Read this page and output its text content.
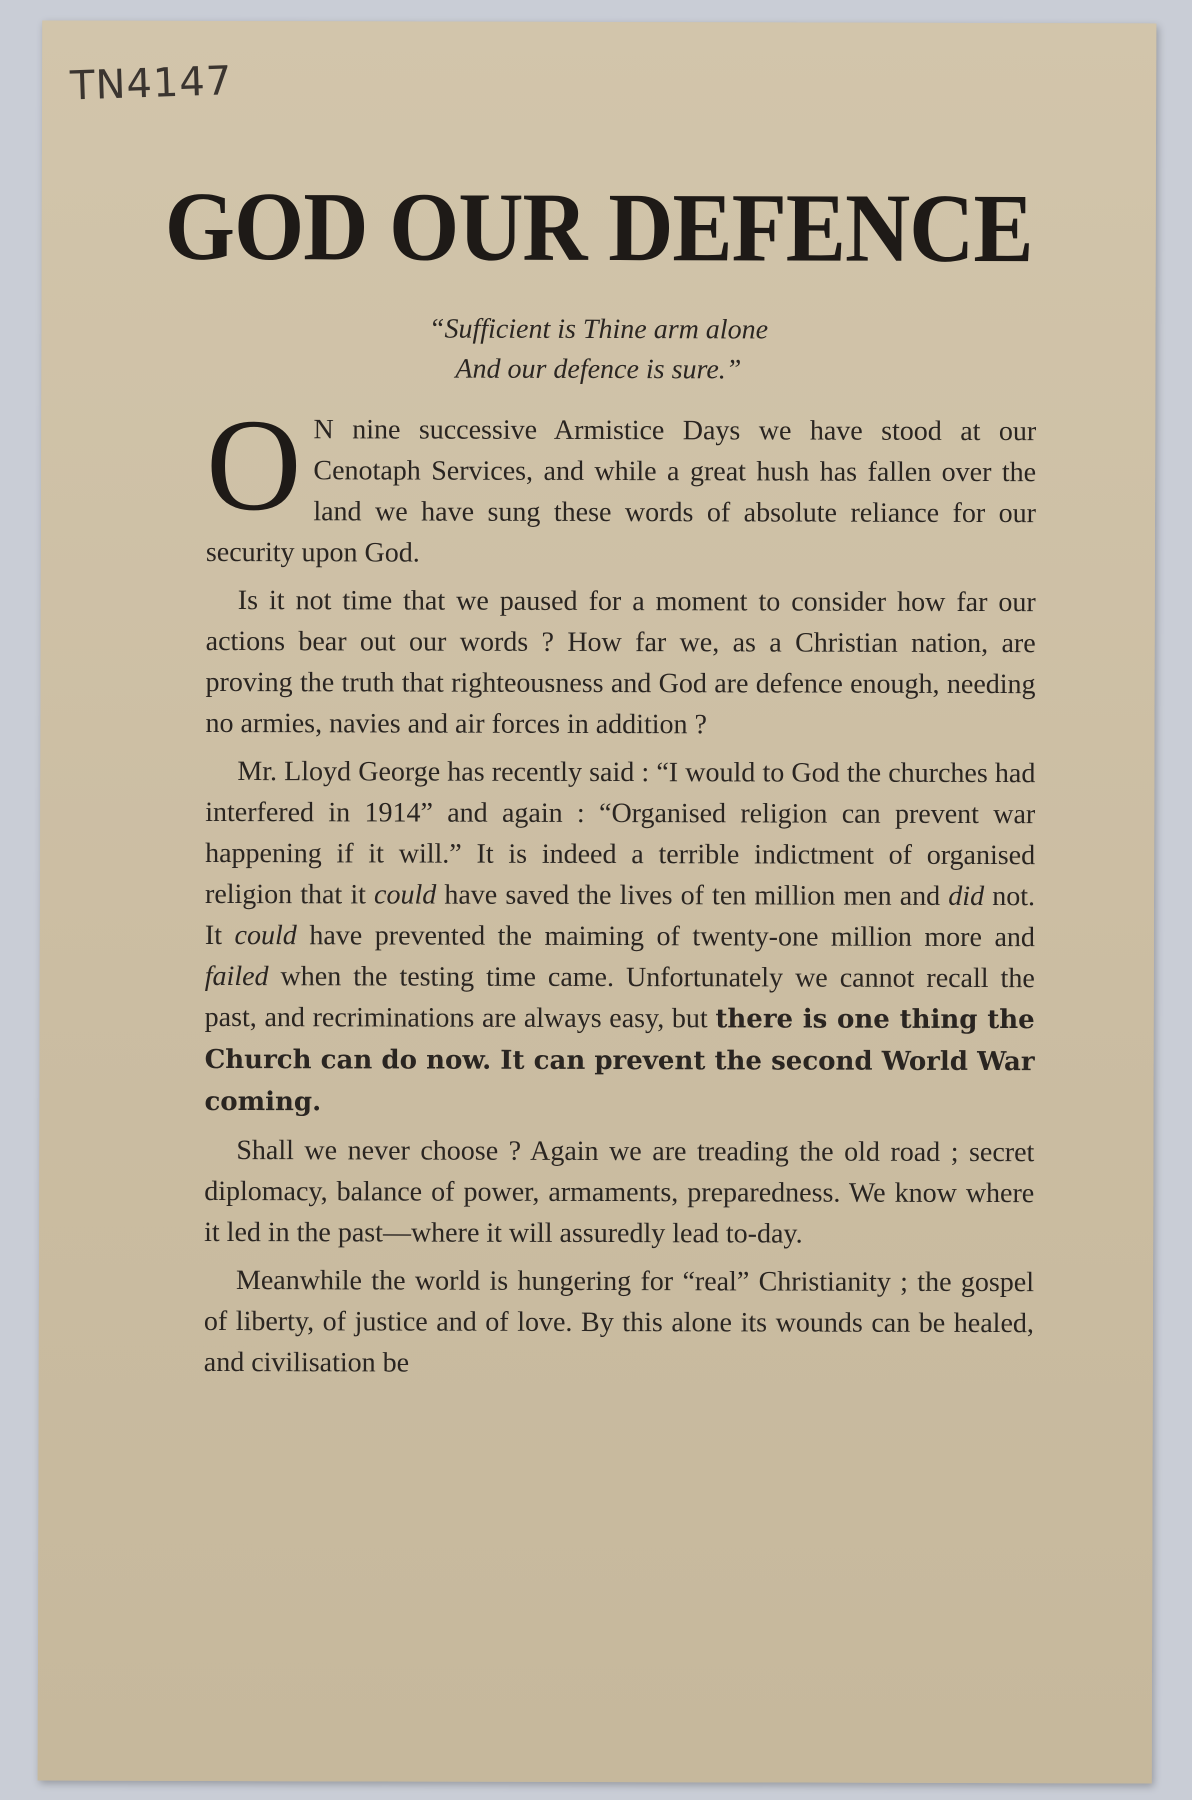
TN4147
GOD OUR DEFENCE
“Sufficient is Thine arm alone
And our defence is sure.”

O N nine successive Armistice Days we have stood at our Cenotaph Services, and while a great hush has fallen over the land we have sung these words of absolute reliance for our security upon God.

Is it not time that we paused for a moment to consider how far our actions bear out our words ? How far we, as a Christian nation, are proving the truth that righteousness and God are defence enough, needing no armies, navies and air forces in addition ?

Mr. Lloyd George has recently said : “I would to God the churches had interfered in 1914” and again : “Organised religion can prevent war happening if it will.” It is indeed a terrible indictment of organised religion that it could have saved the lives of ten million men and did not. It could have prevented the maiming of twenty-one million more and failed when the testing time came. Unfortunately we cannot recall the past, and recriminations are always easy, but there is one thing the Church can do now. It can prevent the second World War coming.

Shall we never choose ? Again we are treading the old road ; secret diplomacy, balance of power, armaments, preparedness. We know where it led in the past—where it will assuredly lead to-day.

Meanwhile the world is hungering for “real” Christianity ; the gospel of liberty, of justice and of love. By this alone its wounds can be healed, and civilisation be
